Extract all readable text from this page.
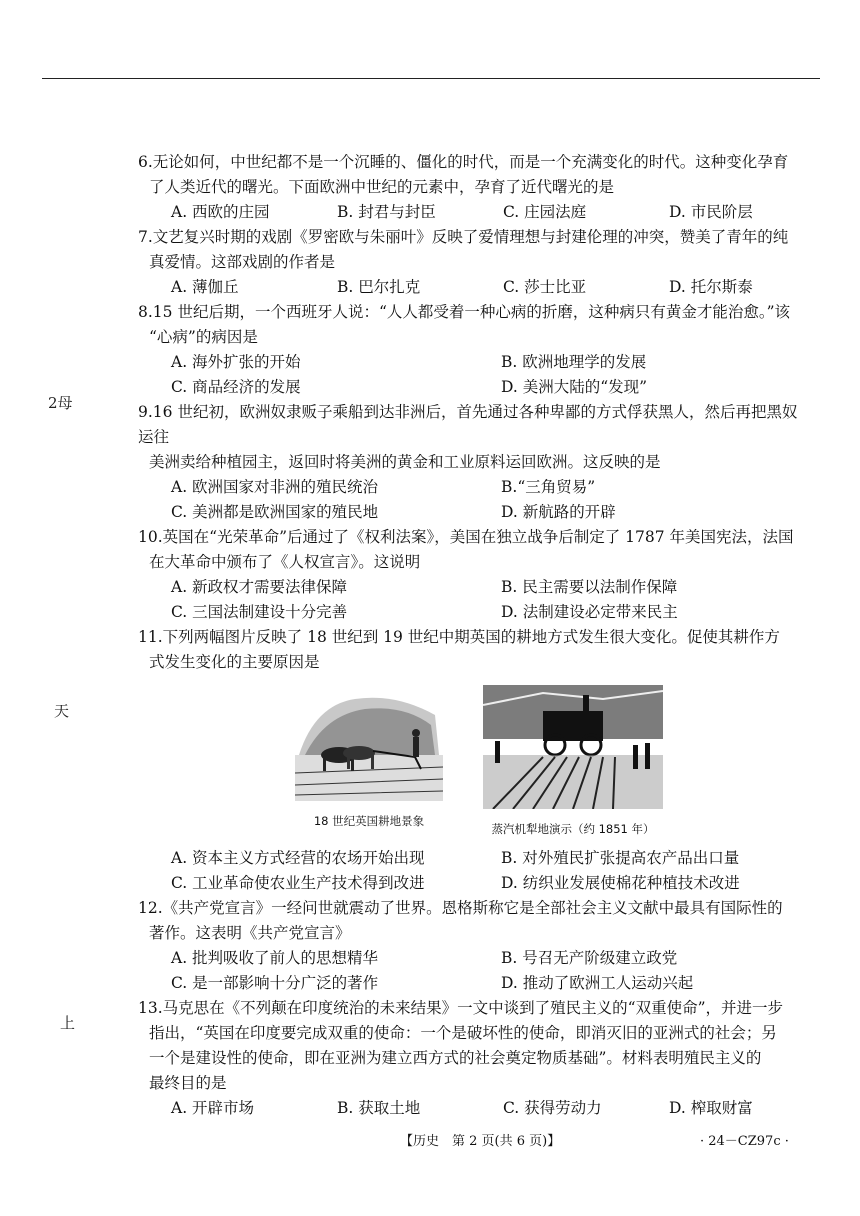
2母
天
上
6.无论如何，中世纪都不是一个沉睡的、僵化的时代，而是一个充满变化的时代。这种变化孕育
了人类近代的曙光。下面欧洲中世纪的元素中，孕育了近代曙光的是
A. 西欧的庄园	B. 封君与封臣	C. 庄园法庭	D. 市民阶层
7.文艺复兴时期的戏剧《罗密欧与朱丽叶》反映了爱情理想与封建伦理的冲突，赞美了青年的纯
真爱情。这部戏剧的作者是
A. 薄伽丘	B. 巴尔扎克	C. 莎士比亚	D. 托尔斯泰
8.15 世纪后期，一个西班牙人说：“人人都受着一种心病的折磨，这种病只有黄金才能治愈。”该
“心病”的病因是
A. 海外扩张的开始	B. 欧洲地理学的发展
C. 商品经济的发展	D. 美洲大陆的“发现”
9.16 世纪初，欧洲奴隶贩子乘船到达非洲后，首先通过各种卑鄙的方式俘获黑人，然后再把黑奴运往
美洲卖给种植园主，返回时将美洲的黄金和工业原料运回欧洲。这反映的是
A. 欧洲国家对非洲的殖民统治	B.“三角贸易”
C. 美洲都是欧洲国家的殖民地	D. 新航路的开辟
10.英国在“光荣革命”后通过了《权利法案》，美国在独立战争后制定了 1787 年美国宪法，法国
在大革命中颁布了《人权宣言》。这说明
A. 新政权才需要法律保障	B. 民主需要以法制作保障
C. 三国法制建设十分完善	D. 法制建设必定带来民主
11.下列两幅图片反映了 18 世纪到 19 世纪中期英国的耕地方式发生很大变化。促使其耕作方
式发生变化的主要原因是
18 世纪英国耕地景象
蒸汽机犁地演示（约 1851 年）
A. 资本主义方式经营的农场开始出现	B. 对外殖民扩张提高农产品出口量
C. 工业革命使农业生产技术得到改进	D. 纺织业发展使棉花种植技术改进
12.《共产党宣言》一经问世就震动了世界。恩格斯称它是全部社会主义文献中最具有国际性的
著作。这表明《共产党宣言》
A. 批判吸收了前人的思想精华	B. 号召无产阶级建立政党
C. 是一部影响十分广泛的著作	D. 推动了欧洲工人运动兴起
13.马克思在《不列颠在印度统治的未来结果》一文中谈到了殖民主义的“双重使命”，并进一步
指出，“英国在印度要完成双重的使命：一个是破坏性的使命，即消灭旧的亚洲式的社会；另
一个是建设性的使命，即在亚洲为建立西方式的社会奠定物质基础”。材料表明殖民主义的
最终目的是
A. 开辟市场	B. 获取土地	C. 获得劳动力	D. 榨取财富
【历史　第 2 页(共 6 页)】	· 24－CZ97c ·
